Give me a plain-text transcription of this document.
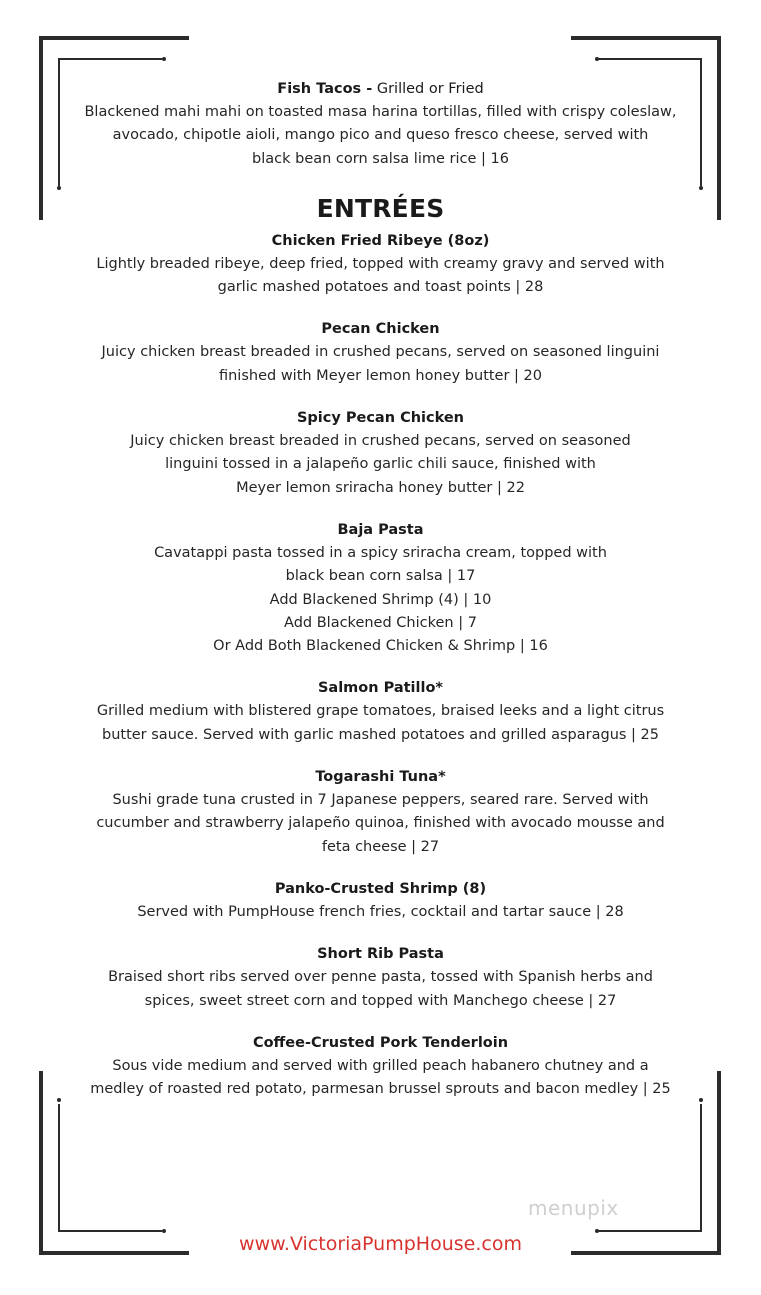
Fish Tacos - Grilled or Fried
Blackened mahi mahi on toasted masa harina tortillas, filled with crispy coleslaw,
avocado, chipotle aioli, mango pico and queso fresco cheese, served with
black bean corn salsa lime rice | 16
ENTRÉES
Chicken Fried Ribeye (8oz)
Lightly breaded ribeye, deep fried, topped with creamy gravy and served with
garlic mashed potatoes and toast points | 28
Pecan Chicken
Juicy chicken breast breaded in crushed pecans, served on seasoned linguini
finished with Meyer lemon honey butter | 20
Spicy Pecan Chicken
Juicy chicken breast breaded in crushed pecans, served on seasoned
linguini tossed in a jalapeño garlic chili sauce, finished with
Meyer lemon sriracha honey butter | 22
Baja Pasta
Cavatappi pasta tossed in a spicy sriracha cream, topped with
black bean corn salsa | 17
Add Blackened Shrimp (4) | 10
Add Blackened Chicken | 7
Or Add Both Blackened Chicken & Shrimp | 16
Salmon Patillo*
Grilled medium with blistered grape tomatoes, braised leeks and a light citrus
butter sauce. Served with garlic mashed potatoes and grilled asparagus | 25
Togarashi Tuna*
Sushi grade tuna crusted in 7 Japanese peppers, seared rare. Served with
cucumber and strawberry jalapeño quinoa, finished with avocado mousse and
feta cheese | 27
Panko-Crusted Shrimp (8)
Served with PumpHouse french fries, cocktail and tartar sauce | 28
Short Rib Pasta
Braised short ribs served over penne pasta, tossed with Spanish herbs and
spices, sweet street corn and topped with Manchego cheese | 27
Coffee-Crusted Pork Tenderloin
Sous vide medium and served with grilled peach habanero chutney and a
medley of roasted red potato, parmesan brussel sprouts and bacon medley | 25
menupix
www.VictoriaPumpHouse.com
